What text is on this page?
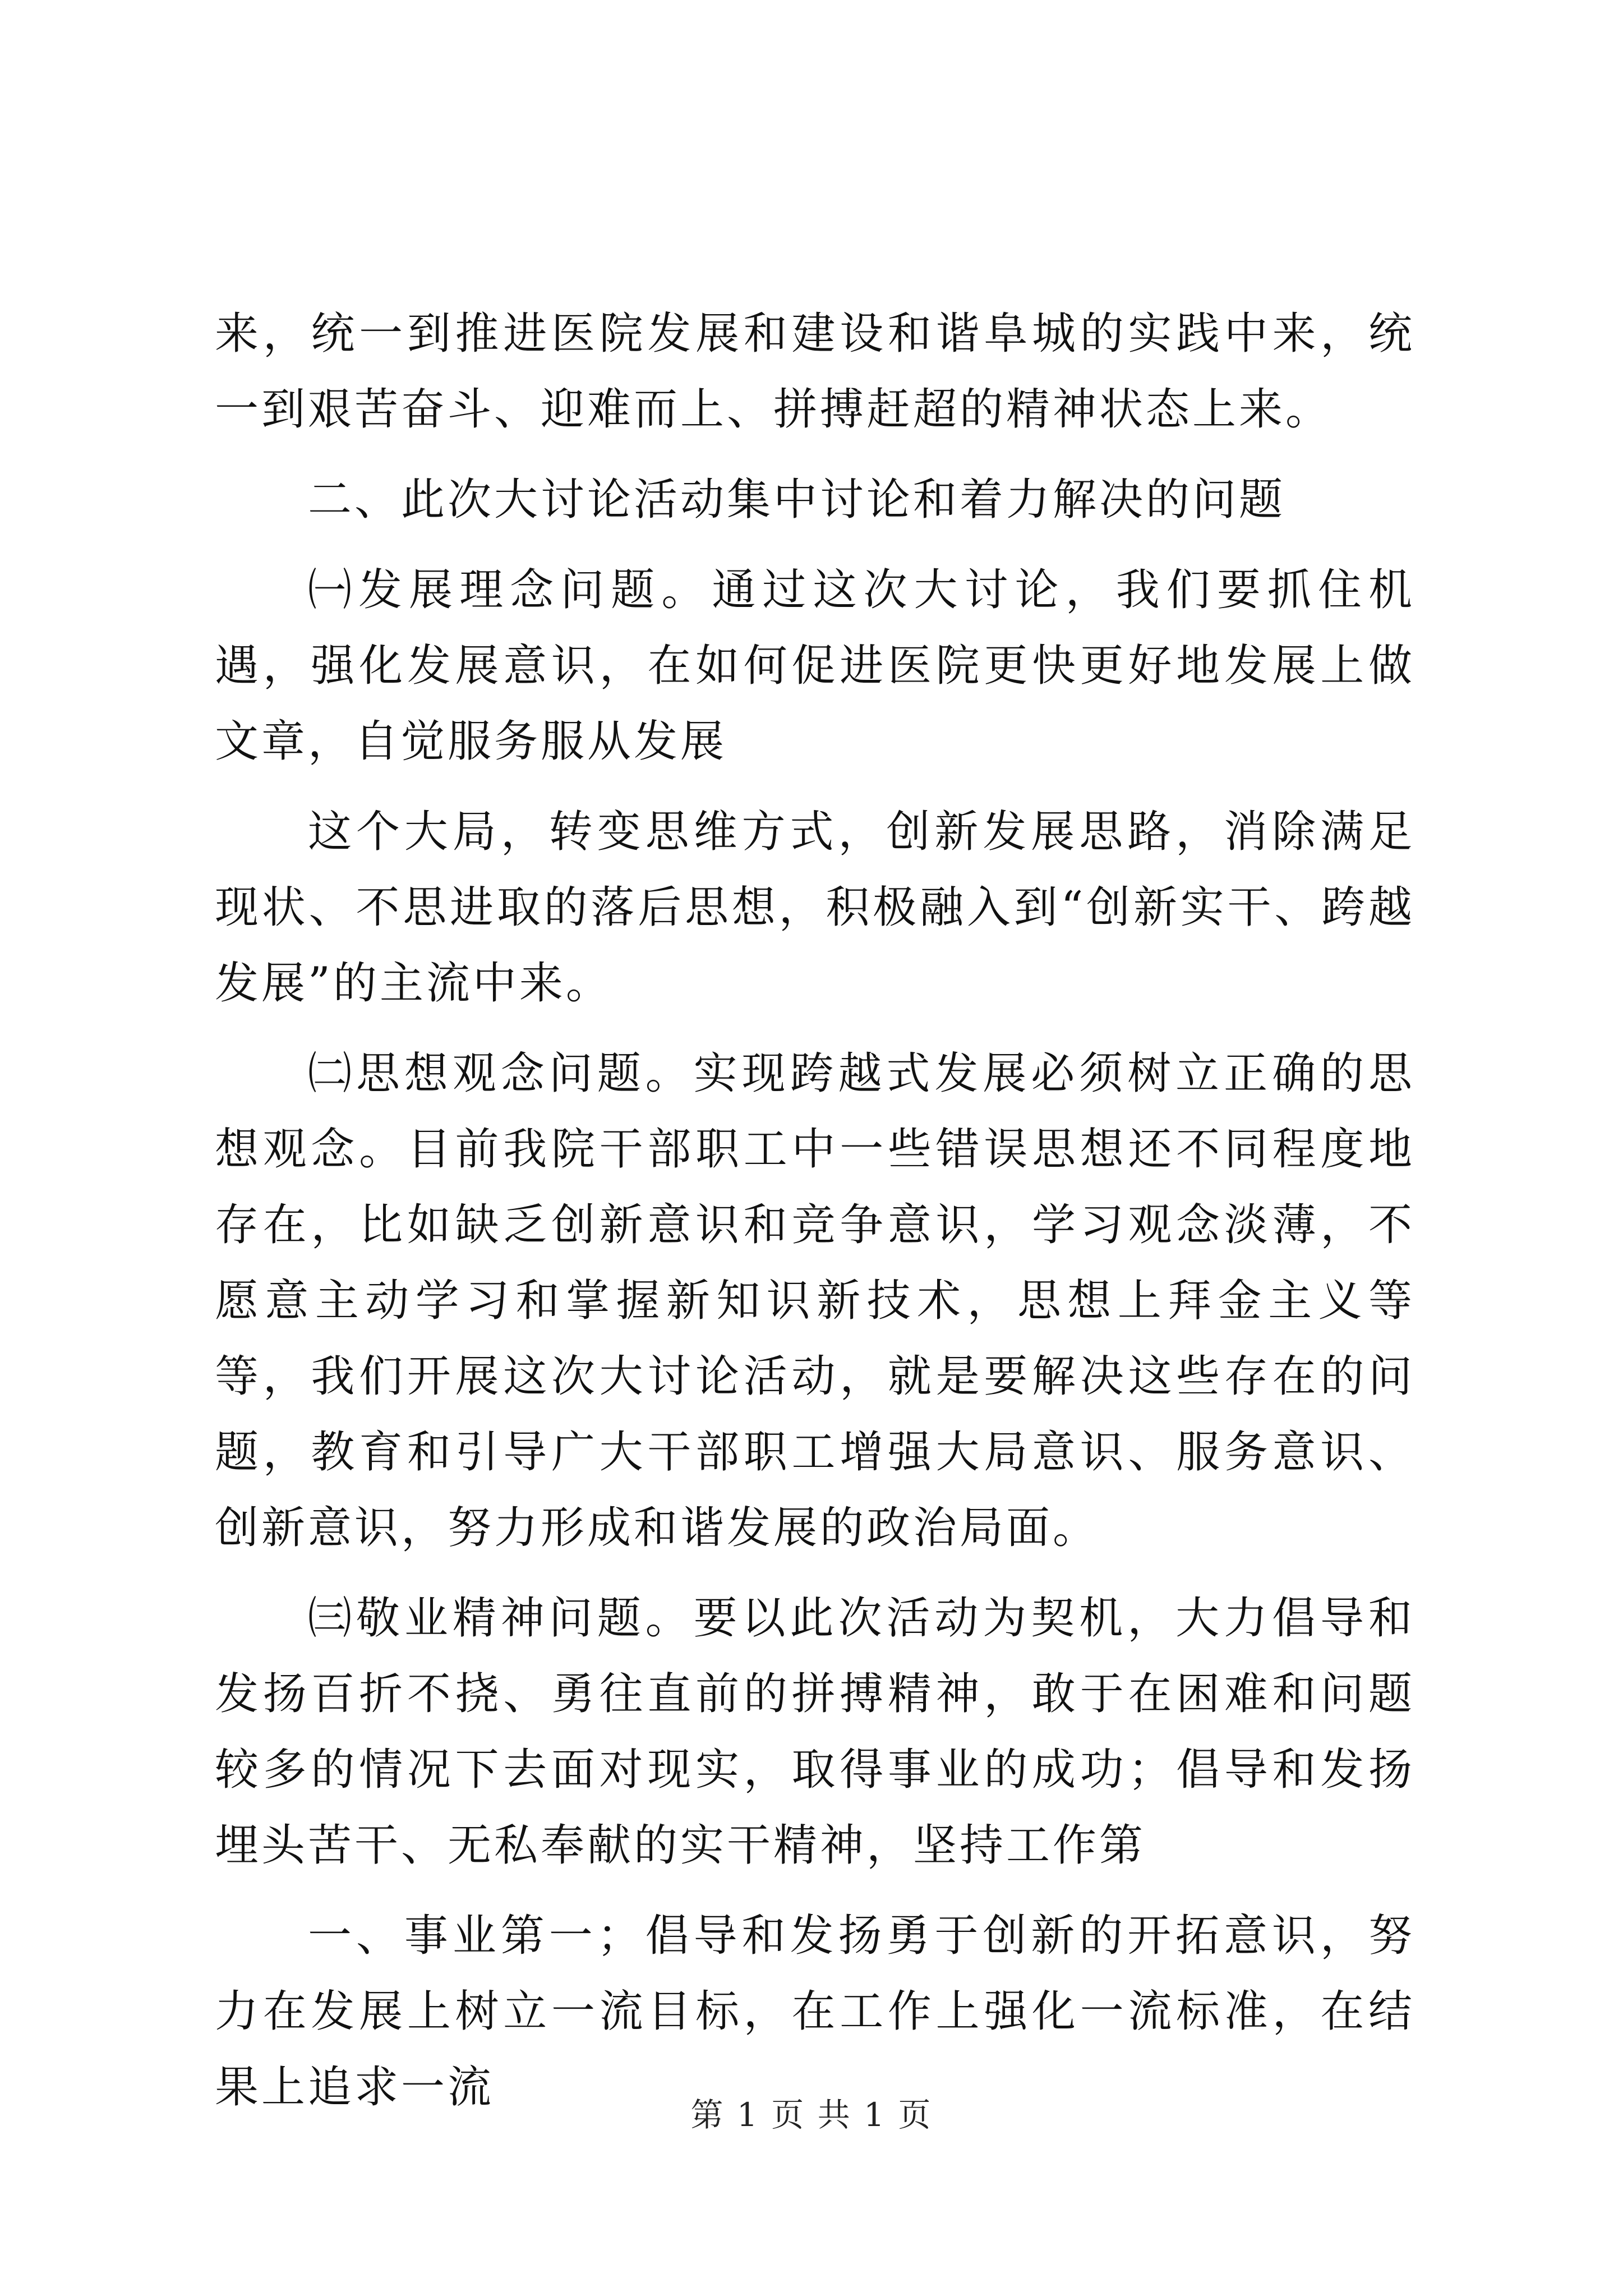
来，统一到推进医院发展和建设和谐阜城的实践中来，统一到艰苦奋斗、迎难而上、拼搏赶超的精神状态上来。

二、此次大讨论活动集中讨论和着力解决的问题

㈠发展理念问题。通过这次大讨论，我们要抓住机遇，强化发展意识，在如何促进医院更快更好地发展上做文章，自觉服务服从发展

这个大局，转变思维方式，创新发展思路，消除满足现状、不思进取的落后思想，积极融入到“创新实干、跨越发展”的主流中来。

㈡思想观念问题。实现跨越式发展必须树立正确的思想观念。目前我院干部职工中一些错误思想还不同程度地存在，比如缺乏创新意识和竞争意识，学习观念淡薄，不愿意主动学习和掌握新知识新技术，思想上拜金主义等等，我们开展这次大讨论活动，就是要解决这些存在的问题，教育和引导广大干部职工增强大局意识、服务意识、创新意识，努力形成和谐发展的政治局面。

㈢敬业精神问题。要以此次活动为契机，大力倡导和发扬百折不挠、勇往直前的拼搏精神，敢于在困难和问题较多的情况下去面对现实，取得事业的成功；倡导和发扬埋头苦干、无私奉献的实干精神，坚持工作第

一、事业第一；倡导和发扬勇于创新的开拓意识，努力在发展上树立一流目标，在工作上强化一流标准，在结果上追求一流

第 1 页 共 1 页
